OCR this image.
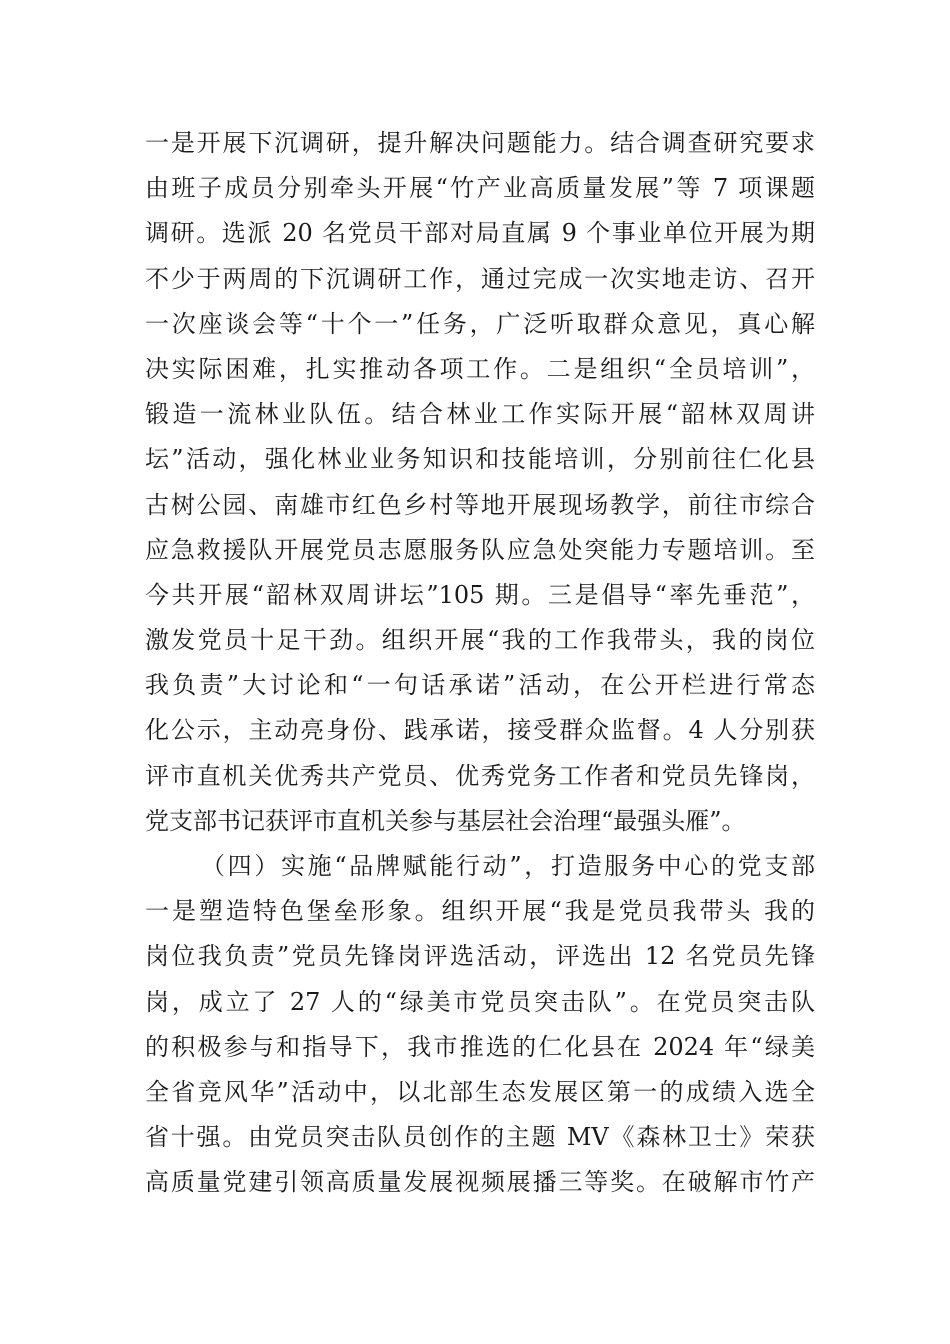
一是开展下沉调研，提升解决问题能力。结合调查研究要求
由班子成员分别牵头开展“竹产业高质量发展”等 7 项课题
调研。选派 20 名党员干部对局直属 9 个事业单位开展为期
不少于两周的下沉调研工作，通过完成一次实地走访、召开
一次座谈会等“十个一”任务，广泛听取群众意见，真心解
决实际困难，扎实推动各项工作。二是组织“全员培训”，
锻造一流林业队伍。结合林业工作实际开展“韶林双周讲
坛”活动，强化林业业务知识和技能培训，分别前往仁化县
古树公园、南雄市红色乡村等地开展现场教学，前往市综合
应急救援队开展党员志愿服务队应急处突能力专题培训。至
今共开展“韶林双周讲坛”105 期。三是倡导“率先垂范”，
激发党员十足干劲。组织开展“我的工作我带头，我的岗位
我负责”大讨论和“一句话承诺”活动，在公开栏进行常态
化公示，主动亮身份、践承诺，接受群众监督。4 人分别获
评市直机关优秀共产党员、优秀党务工作者和党员先锋岗，
党支部书记获评市直机关参与基层社会治理“最强头雁”。
（四）实施“品牌赋能行动”，打造服务中心的党支部
一是塑造特色堡垒形象。组织开展“我是党员我带头 我的
岗位我负责”党员先锋岗评选活动，评选出 12 名党员先锋
岗，成立了 27 人的“绿美市党员突击队”。在党员突击队
的积极参与和指导下，我市推选的仁化县在 2024 年“绿美
全省竞风华”活动中，以北部生态发展区第一的成绩入选全
省十强。由党员突击队员创作的主题 MV《森林卫士》荣获
高质量党建引领高质量发展视频展播三等奖。在破解市竹产
